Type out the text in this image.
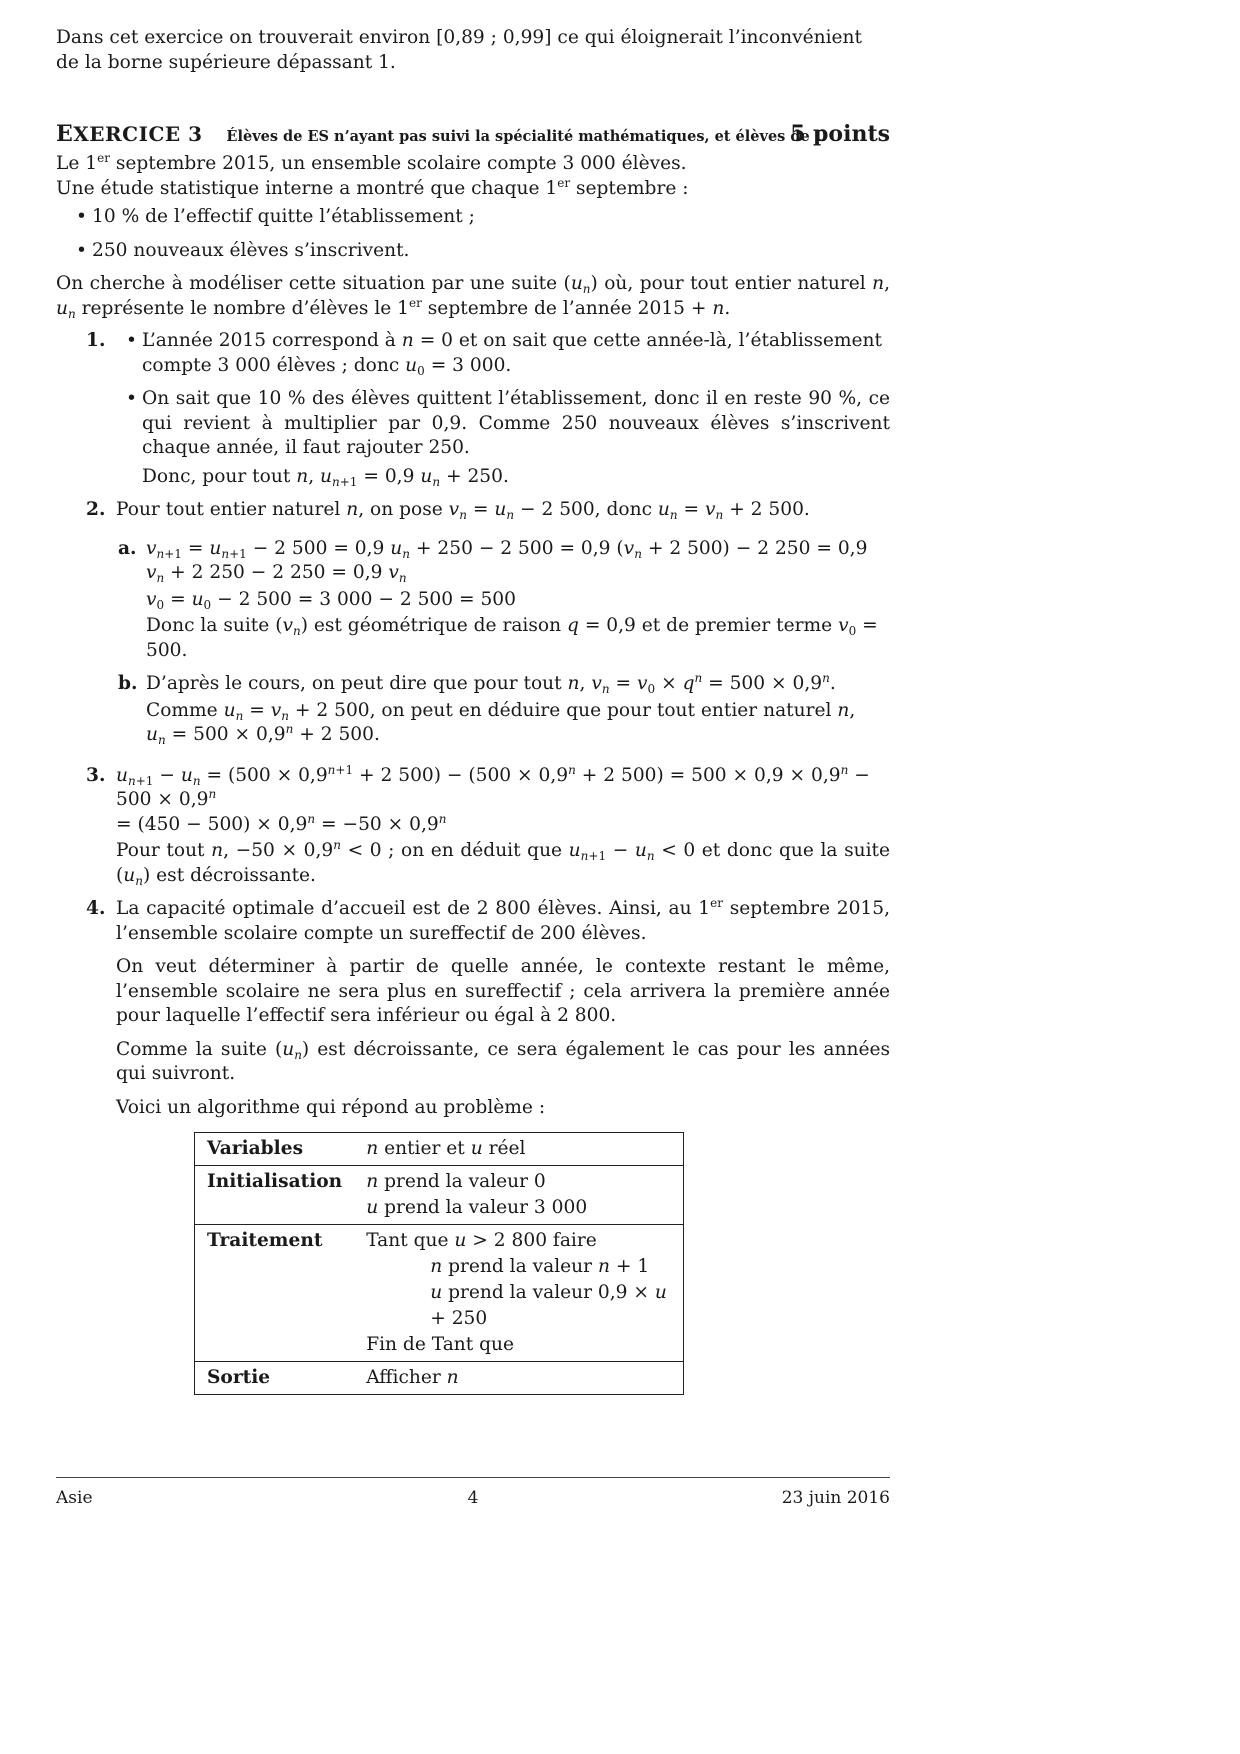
Dans cet exercice on trouverait environ [0,89 ; 0,99] ce qui éloignerait l’inconvénient de la borne supérieure dépassant 1.

EXERCICE 3 Élèves de ES n’ayant pas suivi la spécialité mathématiques, et élèves de L
5 points

Le 1er septembre 2015, un ensemble scolaire compte 3 000 élèves.

Une étude statistique interne a montré que chaque 1er septembre :

• 10 % de l’effectif quitte l’établissement ;
• 250 nouveaux élèves s’inscrivent.

On cherche à modéliser cette situation par une suite $(u_n)$ où, pour tout entier naturel n, $u_n$ représente le nombre d’élèves le 1er septembre de l’année 2015 + n.

1. • L’année 2015 correspond à n = 0 et on sait que cette année-là, l’établissement compte 3 000 élèves ; donc $u_0 = 3$ 000.
• On sait que 10 % des élèves quittent l’établissement, donc il en reste 90 %, ce qui revient à multiplier par 0,9. Comme 250 nouveaux élèves s’inscrivent chaque année, il faut rajouter 250.
Donc, pour tout n, $u_{n+1} = 0,9$ $u_n + 250$.
2. Pour tout entier naturel n, on pose $v_n = u_n - 2$ 500, donc $u_n = v_n + 2$ 500.

a. $v_{n+1} = u_{n+1} - 2$ 500 = 0,9 $u_n + 250 - 2$ 500 = 0,9 ($v_n + 2$ 500) − 2 250 = 0,9 $v_n + 2$ 250 − 2 250 = 0,9 $v_n$

$v_0 = u_0 - 2$ 500 = 3 000 − 2 500 = 500

Donc la suite $(v_n)$ est géométrique de raison q = 0,9 et de premier terme $v_0 = 500$.

b. D’après le cours, on peut dire que pour tout n, $v_n = v_0 \times q^n = 500 \times 0,9^n$.

Comme $u_n = v_n + 2$ 500, on peut en déduire que pour tout entier naturel n,

$u_n = 500 \times 0,9^n + 2$ 500.

3. $u_{n+1} - u_n = (500 \times 0,9^{n+1} + 2$ $500) - (500 \times 0,9^n + 2$ $500) = 500 \times 0,9 \times 0,9^n - 500 \times 0,9^n$

= $(450 - 500) \times 0,9^n = -50 \times 0,9^n$

Pour tout n, $-50 \times 0,9^n < 0$ ; on en déduit que $u_{n+1} - u_n < 0$ et donc que la suite $(u_n)$ est décroissante.

4. La capacité optimale d’accueil est de 2 800 élèves. Ainsi, au 1er septembre 2015, l’ensemble scolaire compte un sureffectif de 200 élèves.

On veut déterminer à partir de quelle année, le contexte restant le même, l’ensemble scolaire ne sera plus en sureffectif ; cela arrivera la première année pour laquelle l’effectif sera inférieur ou égal à 2 800.

Comme la suite $(u_n)$ est décroissante, ce sera également le cas pour les années qui suivront.

Voici un algorithme qui répond au problème :

Variables	n entier et u réel
Initialisation	n prend la valeur 0
u prend la valeur 3 000
Traitement	Tant que u > 2 800 faire
n prend la valeur n + 1
u prend la valeur 0,9 × u + 250
Fin de Tant que
Sortie	Afficher n
Asie	4	23 juin 2016
